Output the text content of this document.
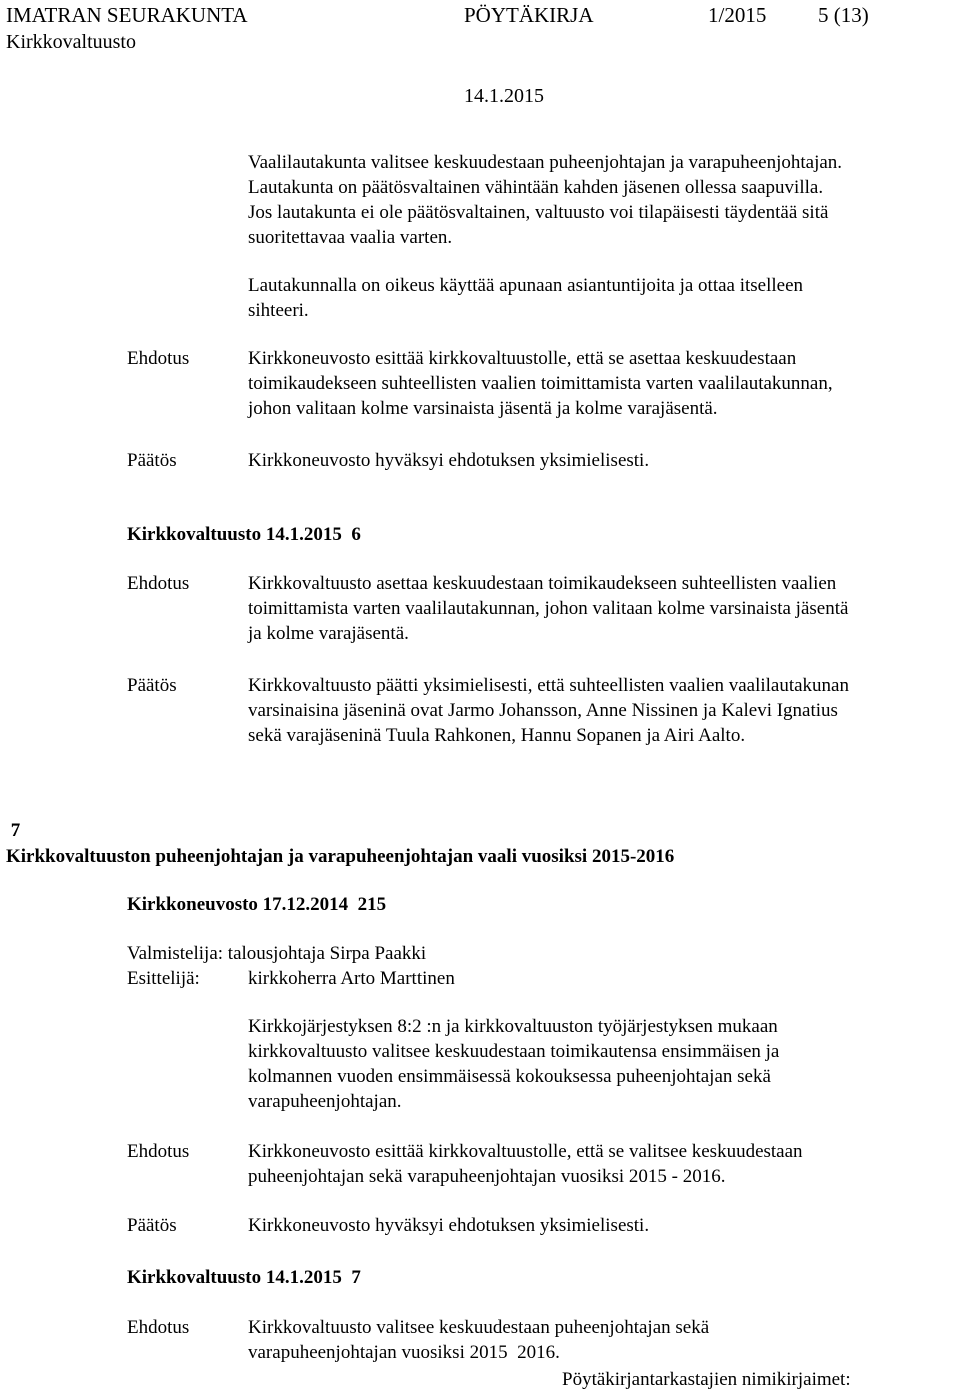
IMATRAN SEURAKUNTA	PÖYTÄKIRJA	1/2015 5 (13)
Kirkkovaltuusto
14.1.2015
Vaalilautakunta valitsee keskuudestaan puheenjohtajan ja varapuheenjohtajan.
Lautakunta on päätösvaltainen vähintään kahden jäsenen ollessa saapuvilla.
Jos lautakunta ei ole päätösvaltainen, valtuusto voi tilapäisesti täydentää sitä
suoritettavaa vaalia varten.
Lautakunnalla on oikeus käyttää apunaan asiantuntijoita ja ottaa itselleen
sihteeri.
Ehdotus	Kirkkoneuvosto esittää kirkkovaltuustolle, että se asettaa keskuudestaan
toimikaudekseen suhteellisten vaalien toimittamista varten vaalilautakunnan,
johon valitaan kolme varsinaista jäsentä ja kolme varajäsentä.
Päätös	Kirkkoneuvosto hyväksyi ehdotuksen yksimielisesti.
Kirkkovaltuusto 14.1.2015  6
Ehdotus	Kirkkovaltuusto asettaa keskuudestaan toimikaudekseen suhteellisten vaalien
toimittamista varten vaalilautakunnan, johon valitaan kolme varsinaista jäsentä
ja kolme varajäsentä.
Päätös	Kirkkovaltuusto päätti yksimielisesti, että suhteellisten vaalien vaalilautakunan
varsinaisina jäseninä ovat Jarmo Johansson, Anne Nissinen ja Kalevi Ignatius
sekä varajäseninä Tuula Rahkonen, Hannu Sopanen ja Airi Aalto.
7
Kirkkovaltuuston puheenjohtajan ja varapuheenjohtajan vaali vuosiksi 2015-2016
Kirkkoneuvosto 17.12.2014  215
Valmistelija: talousjohtaja Sirpa Paakki
Esittelijä:	kirkkoherra Arto Marttinen
Kirkkojärjestyksen 8:2 :n ja kirkkovaltuuston työjärjestyksen mukaan
kirkkovaltuusto valitsee keskuudestaan toimikautensa ensimmäisen ja
kolmannen vuoden ensimmäisessä kokouksessa puheenjohtajan sekä
varapuheenjohtajan.
Ehdotus	Kirkkoneuvosto esittää kirkkovaltuustolle, että se valitsee keskuudestaan
puheenjohtajan sekä varapuheenjohtajan vuosiksi 2015 - 2016.
Päätös	Kirkkoneuvosto hyväksyi ehdotuksen yksimielisesti.
Kirkkovaltuusto 14.1.2015  7
Ehdotus	Kirkkovaltuusto valitsee keskuudestaan puheenjohtajan sekä
varapuheenjohtajan vuosiksi 2015  2016.
Pöytäkirjantarkastajien nimikirjaimet:
